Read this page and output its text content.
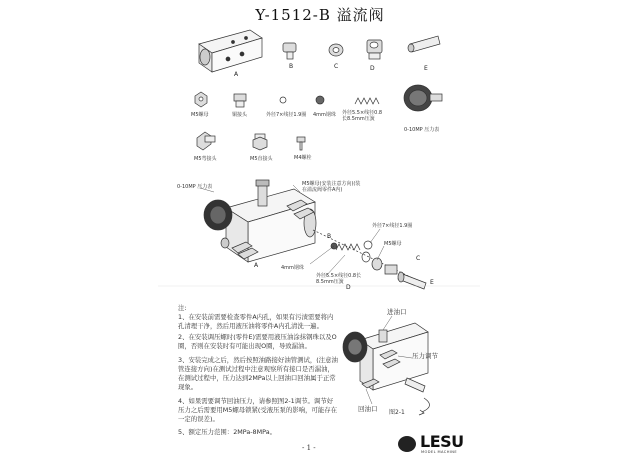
Y-1512-B 溢流阀
A
B	C	D	E
M5螺母	铜接头	外径7×线径1.9圈 4mm钢珠 外径5.5×线径0.8 长8.5mm压簧
0-10MP 压力表
M5弯接头	M5直接头	M4螺栓
0-10MP 压力表	M5螺母(安装注意方向)(装在溢流阀零件A内)
外径7×线径1.9圈
M5螺母
4mm钢珠
外径5.5×线径0.8长8.5mm压簧
A
B
C
D
E
注:
1、在安装前需要检查零件A内孔，如果有污渍需要将内孔清理干净，然后用液压油将零件A内孔清洗一遍。
2、在安装调压螺时(零件E)需要用液压油涂抹钢珠以及O圈，否则在安装时有可能出现O圈，导致漏油。
3、安装完成之后，然后按照油路接好油管测试，(注意油管连接方向)在测试过程中注意观察所有接口是否漏油，在测试过程中，压力达到2MPa以上回油口回油属于正常现象。
4、如果需要调节回油压力，请参照图2-1调节。调节好压力之后需要用M5螺母锁紧(受液压泵的影响，可能存在一定的误差)。
5、额定压力范围：2MPa-8MPa。
进油口
压力调节
回油口 图2-1
- 1 -	LESU
MODEL MACHINE
